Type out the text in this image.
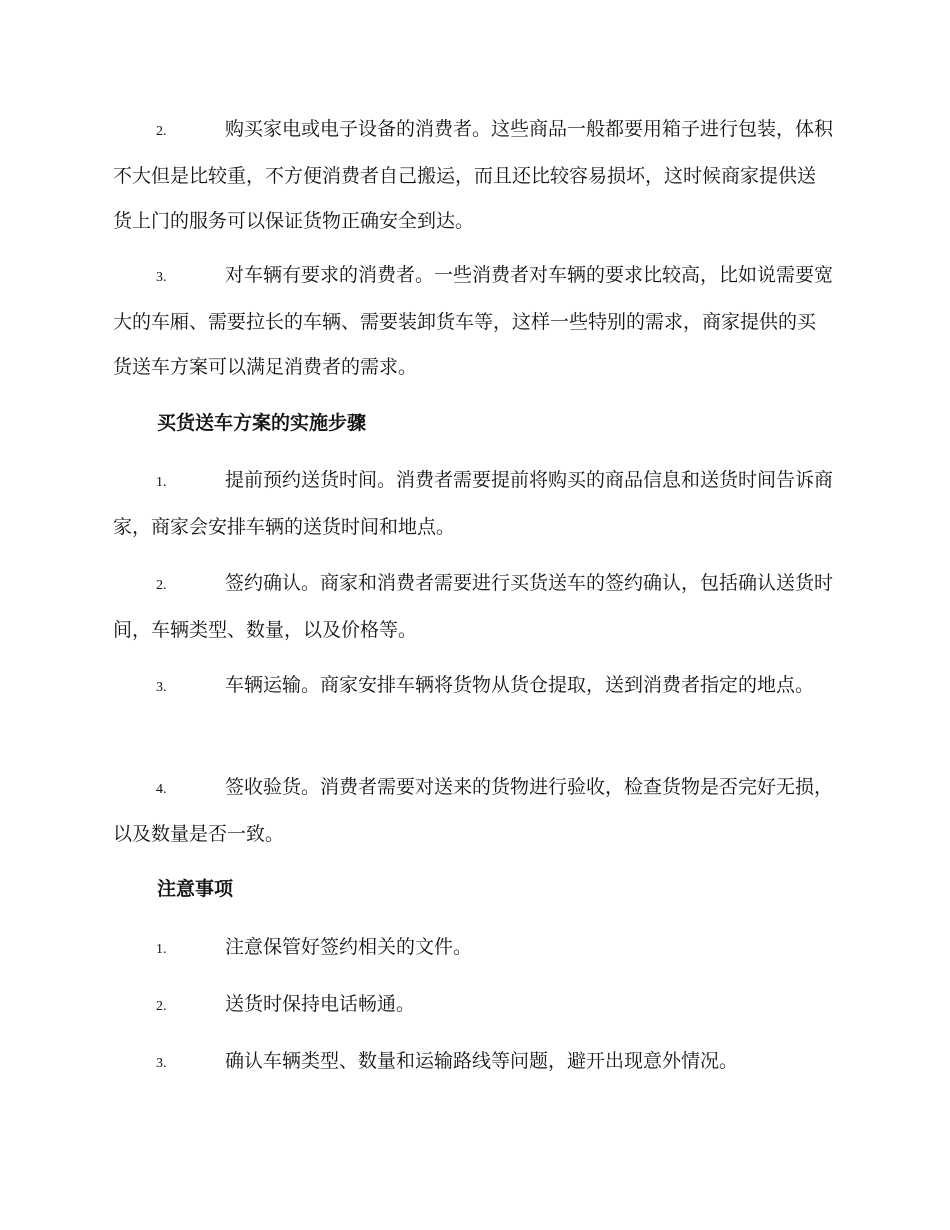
2.	购买家电或电子设备的消费者。这些商品一般都要用箱子进行包装，体积不大但是比较重，不方便消费者自己搬运，而且还比较容易损坏，这时候商家提供送货上门的服务可以保证货物正确安全到达。

3.	对车辆有要求的消费者。一些消费者对车辆的要求比较高，比如说需要宽大的车厢、需要拉长的车辆、需要装卸货车等，这样一些特别的需求，商家提供的买货送车方案可以满足消费者的需求。

买货送车方案的实施步骤

1.	提前预约送货时间。消费者需要提前将购买的商品信息和送货时间告诉商家，商家会安排车辆的送货时间和地点。

2.	签约确认。商家和消费者需要进行买货送车的签约确认，包括确认送货时间，车辆类型、数量，以及价格等。

3.	车辆运输。商家安排车辆将货物从货仓提取，送到消费者指定的地点。

4.	签收验货。消费者需要对送来的货物进行验收，检查货物是否完好无损，以及数量是否一致。

注意事项

1.	注意保管好签约相关的文件。

2.	送货时保持电话畅通。

3.	确认车辆类型、数量和运输路线等问题，避开出现意外情况。
